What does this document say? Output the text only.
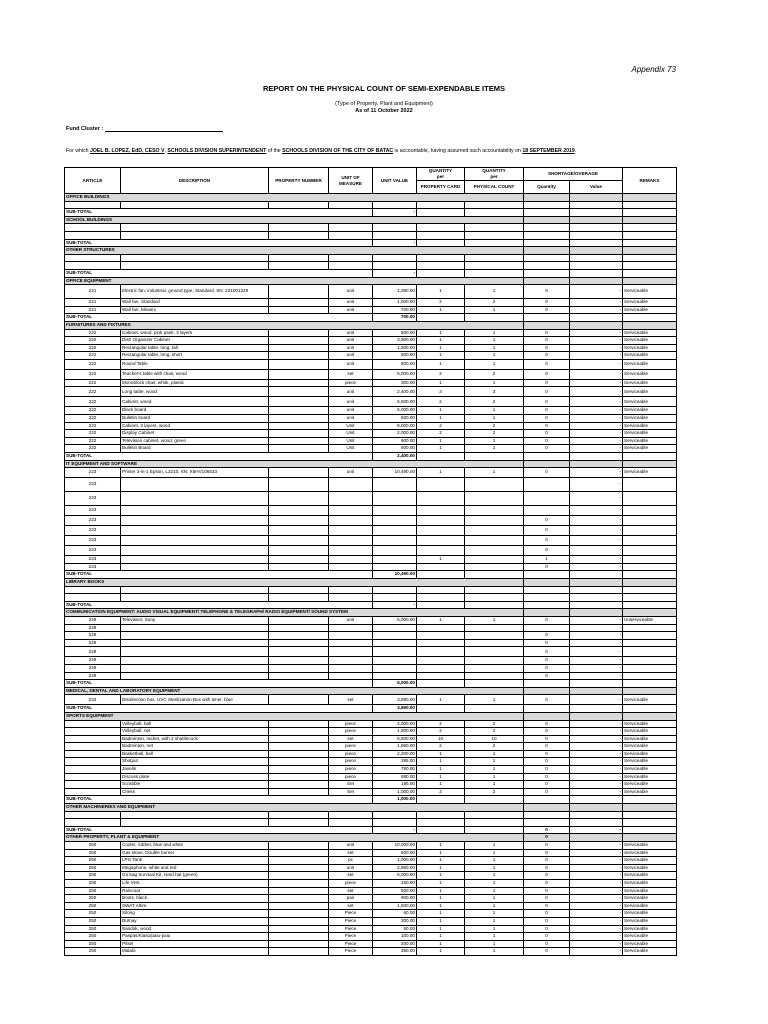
Appendix 73
REPORT ON THE PHYSICAL COUNT OF SEMI-EXPENDABLE ITEMS
(Type of Property, Plant and Equipment)
As of 11 October 2022
Fund Cluster :
For which JOEL B. LOPEZ, EdD, CESO V, SCHOOLS DIVISION SUPERINTENDENT of the SCHOOLS DIVISION OF THE CITY OF BATAC is accountable, having assumed such accountability on 18 SEPTEMBER 2019.
ARTICLE	DESCRIPTION	PROPERTY NUMBER	UNIT OF MEASURE	UNIT VALUE	QUANTITY	QUANTITY	SHORTAGE/OVERAGE		REMAKS
					per	per			
					PROPERTY CARD	PHYSICAL COUNT	Quantity	Value	
OFFICE BUILDINGS									

SUB-TOTAL				-					
SCHOOL BUILDINGS									

SUB-TOTAL				-					
OTHER STRUCTURES									

SUB-TOTAL				-					
OFFICE EQUIPMENT									
221	Electric fan, industrial, ground type, Standard, SN: 221001329		unit	1,390.00	1	1	0	-	Serviceable
221	Wall fan, Standard		unit	1,000.00	2	2	0	-	Serviceable
221	Wall fan, Minami		unit	700.00	1	1	0	-	Serviceable
SUB-TOTAL				700.00					
FURNITURES AND FIXTURES									
222	Cabinet, wood, pink paint, 3 layers		unit	500.00	1	1	0	-	Serviceable
222	Dish Organizer Cabinet		unit	3,900.00	1	1	0	-	Serviceable
222	Rectangular table, long, tall		unit	1,500.00	1	1	0	-	Serviceable
222	Rectangular table, long, short		unit	500.00	1	1	0	-	Serviceable
222	Round Table		unit	800.00	1	1	0	-	Serviceable
222	Teacher's table with chair, wood		set	5,000.00	2	2	0	-	Serviceable
222	Monoblock chair, white, plastic		piece	300.00	1	1	0	-	Serviceable
222	Long table, wood		unit	2,400.00	3	3	0	-	Serviceable
222	Cabinet, wood		unit	5,500.00	2	2	0	-	Serviceable
222	Black board		unit	5,000.00	1	1	0	-	Serviceable
222	Bulletin board		unit	500.00	1	1	0	-	Serviceable
222	Cabinet, 3 layers, wood		Unit	8,000.00	2	2	0	-	Serviceable
222	Display Cabinet		Unit	2,000.00	2	2	0	-	Serviceable
222	Television cabinet, wood, green		Unit	600.00	1	1	0	-	Serviceable
222	Bulletin Board		Unit	500.00	1	1	0	-	Serviceable
SUB-TOTAL				2,400.00					
IT EQUIPMENT AND SOFTWARE									
223	Printer 3-in-1 Epson, L3210, SN: X5HV106533		unit	10,490.00	1	1	0	-	Serviceable
223								-	
223								-	
223								-	
223							0	-	
223							0	-	
223							0	-	
223							0	-	
223					1		1	-	
223							0	-	
SUB-TOTAL				10,490.00					
LIBRARY BOOKS									

SUB-TOTAL				-					
COMMUNICATION EQUIPMENT: AUDIO VISUAL EQUIPMENT/ TELEPHONE & TELEGRAPH/ RADIO EQUIPMENT/ SOUND SYSTEM									
229	Television, Sony		unit	5,000.00	1	1	0	-	Unserviceable
229								-	
229							0	-	
229							0	-	
229							0	-	
229							0	-	
229							0	-	
229							0	-	
SUB-TOTAL				5,000.00					
MEDICAL, DENTAL AND LABORATORY EQUIPMENT									
233	Disinfection box, UVC Sterilization Box with timer, blue		set	3,890.00	1	1	0	-	Serviceable
SUB-TOTAL				3,890.00					
SPORTS EQUIPMENT									
	Volleyball, ball		piece	4,000.00	2	2	0	-	Serviceable
	Volleyball, net		piece	1,900.00	2	2	0	-	Serviceable
	Badminton, racket, with 2 shuttlecock		set	5,500.00	10	10	0	-	Serviceable
	Badminton, net		piece	1,960.00	2	2	0	-	Serviceable
	Basketball, ball		piece	2,200.00	1	1	0	-	Serviceable
	Shotput		piece	285.00	1	1	0	-	Serviceable
	Javelin		piece	780.00	1	1	0	-	Serviceable
	Discuss plate		piece	680.00	1	1	0	-	Serviceable
	Scrabble		Set	195.00	1	1	0	-	Serviceable
	Chess		Set	1,000.00	2	2	0	-	Serviceable
SUB-TOTAL				1,000.00					
OTHER MACHINERIES AND EQUIPMENT									

SUB-TOTAL				-			0	-	
OTHER PROPERTY, PLANT & EQUIPMENT							0		
250	Cooler, rubber, blue and white		unit	10,000.00	1	1	0	-	Serviceable
250	Gas stove, Double burner		set	800.00	1	1	0	-	Serviceable
250	LPG Tank		pc	1,000.00	1	1	0	-	Serviceable
250	Megaphone, white and red		unit	2,950.00	1	1	0	-	Serviceable
250	Go bag Survival Kit, Hard hat (green)		set	5,000.00	1	1	0	-	Serviceable
250	Life Vest		piece	150.00	1	1	0	-	Serviceable
250	Raincoat		set	500.00	1	1	0	-	Serviceable
250	Boots, black		pair	900.00	1	1	0	-	Serviceable
250	SWAT Attire		set	1,500.00	1	1	0	-	Serviceable
250	Silong		Piece	60.00	1	1	0	-	Serviceable
250	Burnay		Piece	300.00	1	1	0	-	Serviceable
250	Sandok, wood		Piece	50.00	1	1	0	-	Serviceable
250	Paspas/Kiasu/paiu-paiu		Piece	100.00	1	1	0	-	Serviceable
250	Pitsel		Piece	200.00	1	1	0	-	Serviceable
250	Malabi		Piece	350.00	1	1	0	-	Serviceable
